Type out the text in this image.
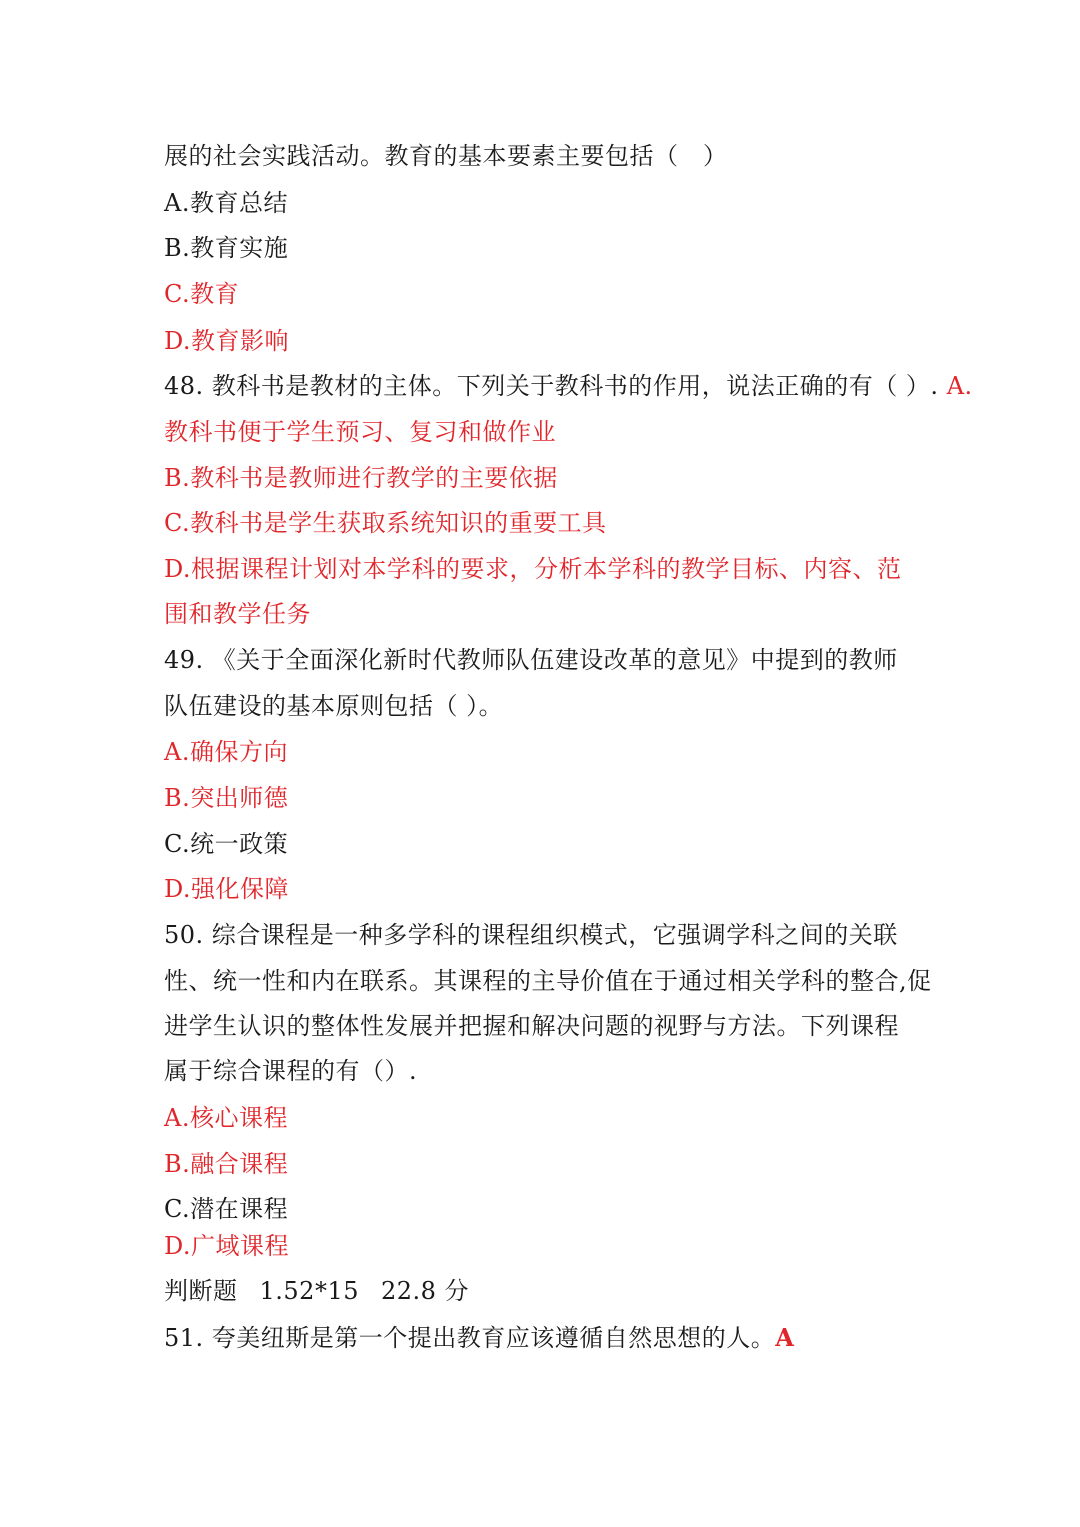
展的社会实践活动。教育的基本要素主要包括（　）
A.教育总结
B.教育实施
C.教育
D.教育影响
48. 教科书是教材的主体。下列关于教科书的作用，说法正确的有（ ）. A.
教科书便于学生预习、复习和做作业
B.教科书是教师进行教学的主要依据
C.教科书是学生获取系统知识的重要工具
D.根据课程计划对本学科的要求，分析本学科的教学目标、内容、范
围和教学任务
49. 《关于全面深化新时代教师队伍建设改革的意见》中提到的教师
队伍建设的基本原则包括（ ）。
A.确保方向
B.突出师德
C.统一政策
D.强化保障
50. 综合课程是一种多学科的课程组织模式，它强调学科之间的关联
性、统一性和内在联系。其课程的主导价值在于通过相关学科的整合,促
进学生认识的整体性发展并把握和解决问题的视野与方法。下列课程
属于综合课程的有（）.
A.核心课程
B.融合课程
C.潜在课程
D.广域课程
判断题 1.52*15 22.8 分
51. 夸美纽斯是第一个提出教育应该遵循自然思想的人。A
